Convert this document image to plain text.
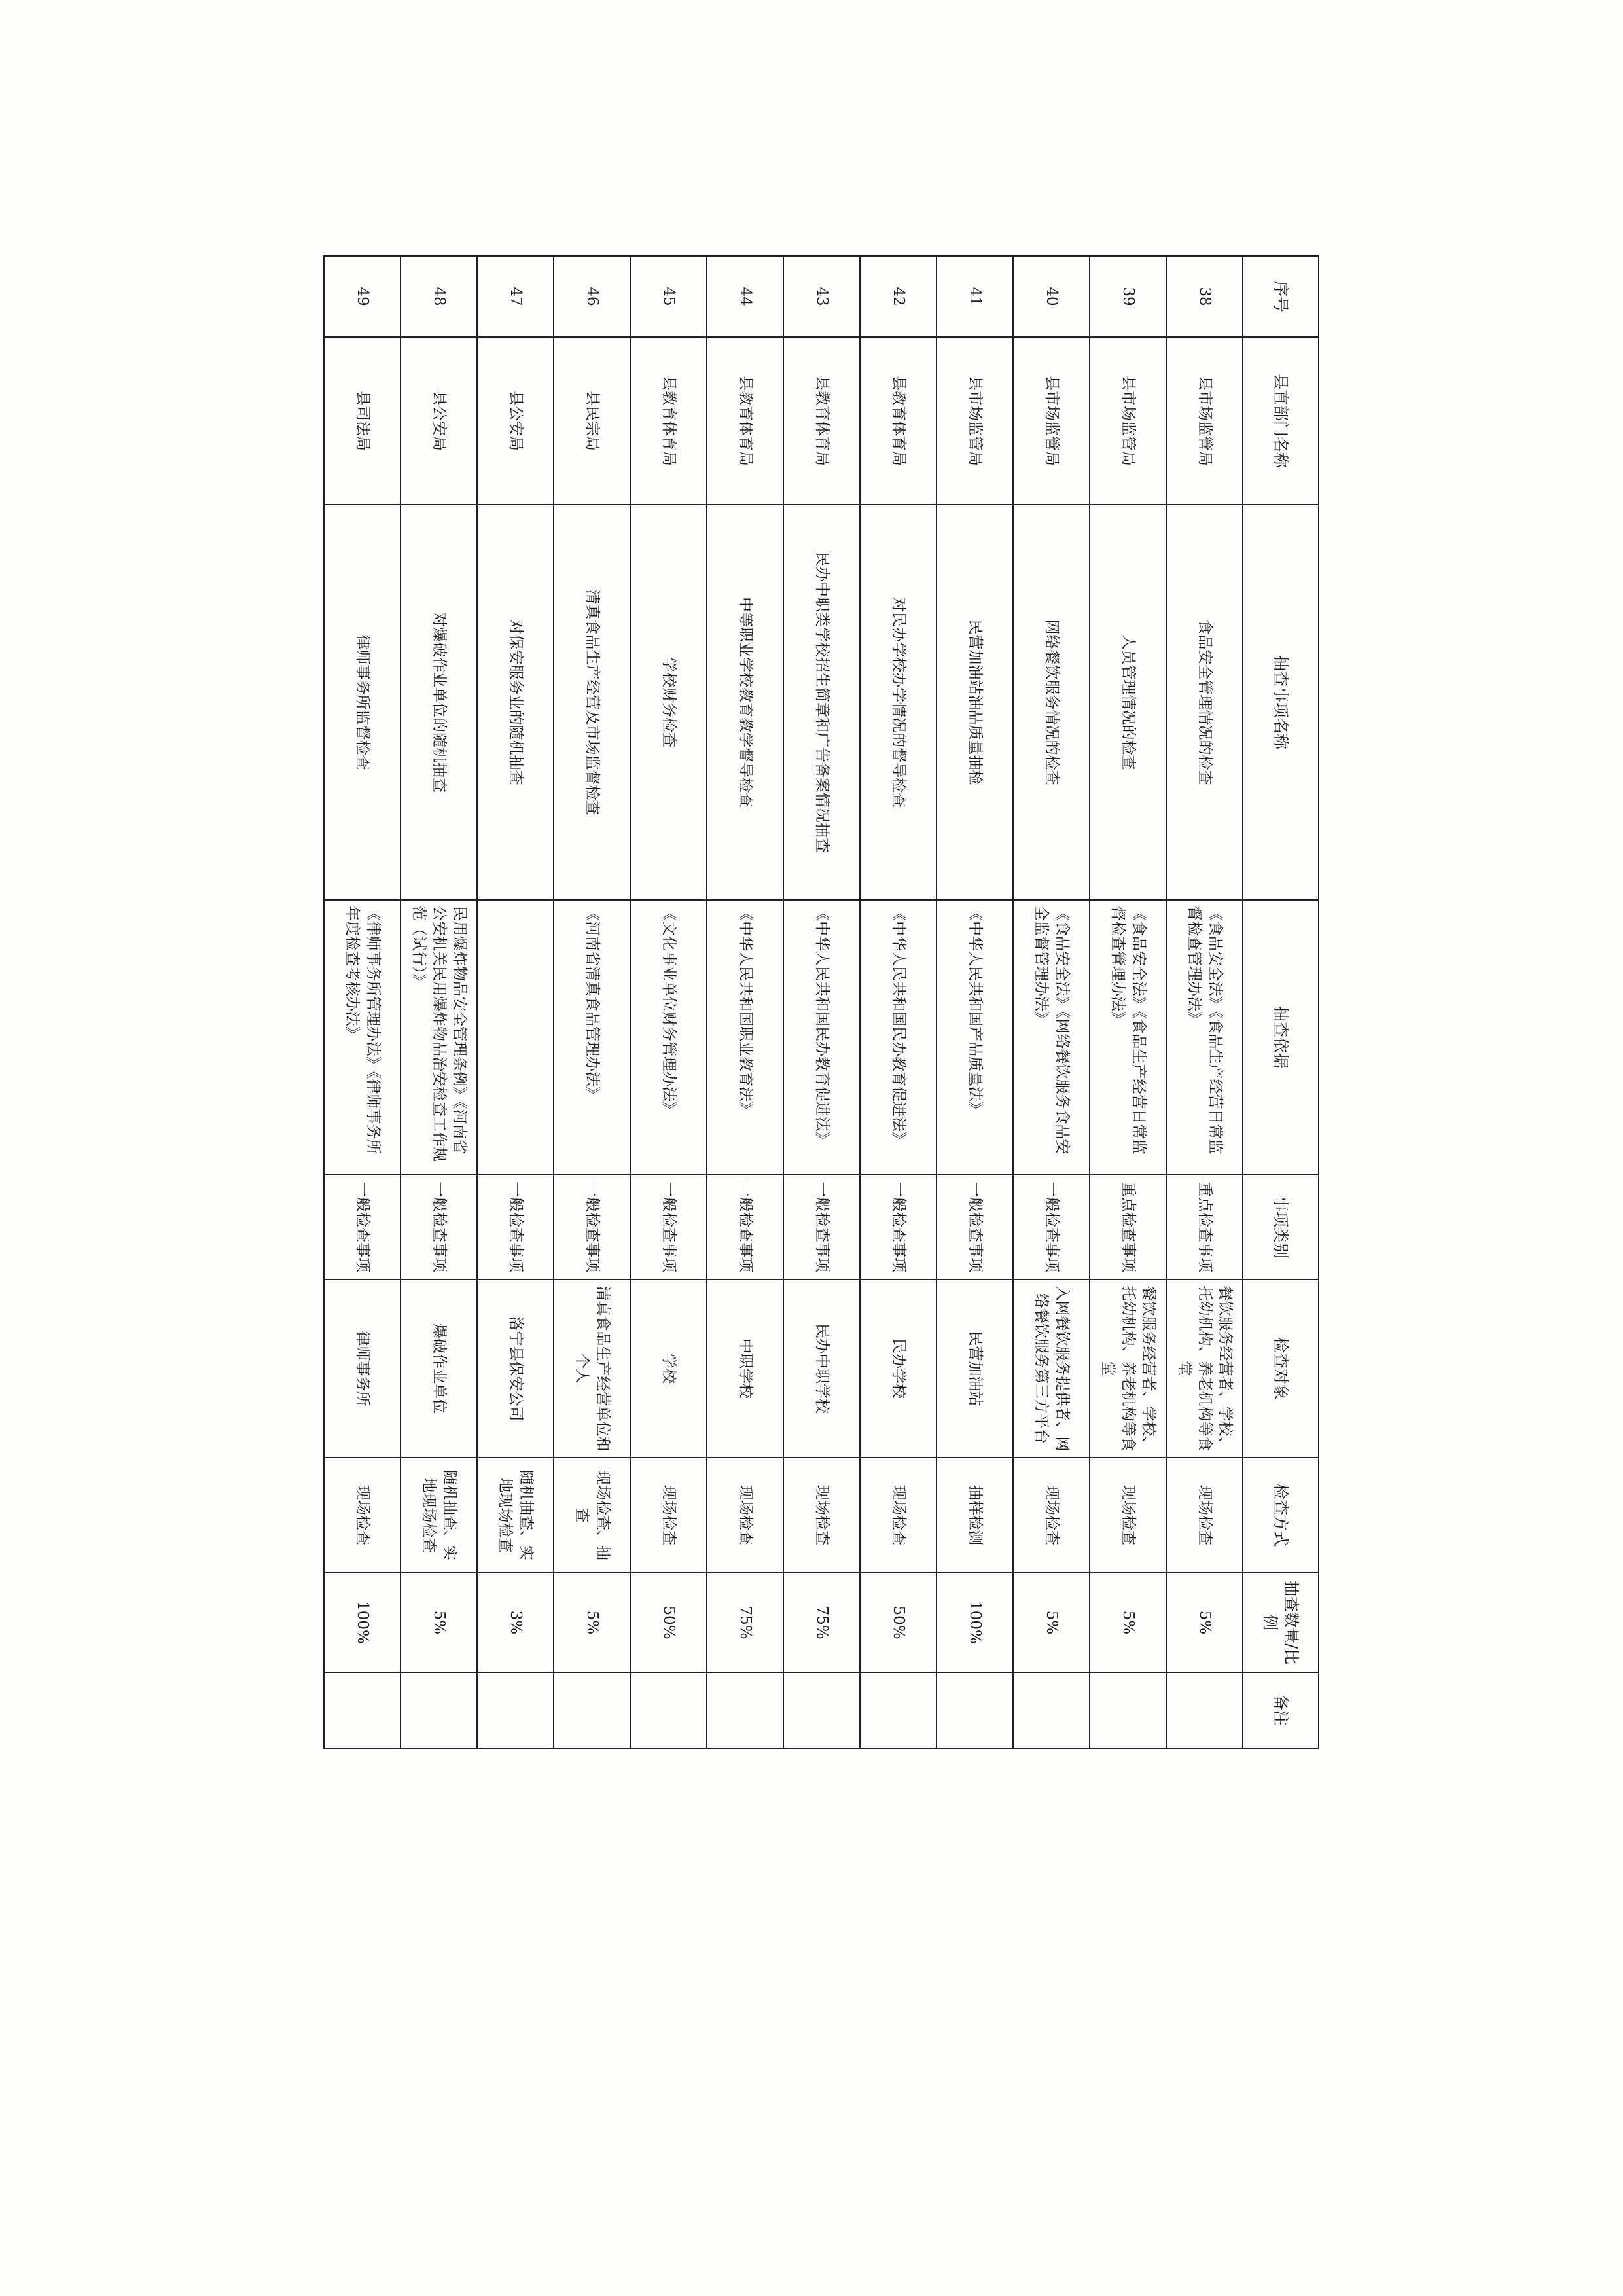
序号	县直部门名称	抽查事项名称	抽查依据	事项类别	检查对象	检查方式	抽查数量/比例	备注
38	县市场监管局	食品安全管理情况的检查	《食品安全法》《食品生产经营日常监督检查管理办法》	重点检查事项	餐饮服务经营者、学校、托幼机构、养老机构等食堂	现场检查	5%	
39	县市场监管局	人员管理情况的检查	《食品安全法》《食品生产经营日常监督检查管理办法》	重点检查事项	餐饮服务经营者、学校、托幼机构、养老机构等食堂	现场检查	5%	
40	县市场监管局	网络餐饮服务情况的检查	《食品安全法》《网络餐饮服务食品安全监督管理办法》	一般检查事项	入网餐饮服务提供者、网络餐饮服务第三方平台	现场检查	5%	
41	县市场监管局	民营加油站油品质量抽检	《中华人民共和国产品质量法》	一般检查事项	民营加油站	抽样检测	100%	
42	县教育体育局	对民办学校办学情况的督导检查	《中华人民共和国民办教育促进法》	一般检查事项	民办学校	现场检查	50%	
43	县教育体育局	民办中职类学校招生简章和广告备案情况抽查	《中华人民共和国民办教育促进法》	一般检查事项	民办中职学校	现场检查	75%	
44	县教育体育局	中等职业学校教育教学督导检查	《中华人民共和国职业教育法》	一般检查事项	中职学校	现场检查	75%	
45	县教育体育局	学校财务检查	《文化事业单位财务管理办法》	一般检查事项	学校	现场检查	50%	
46	县民宗局	清真食品生产经营及市场监督检查	《河南省清真食品管理办法》	一般检查事项	清真食品生产经营单位和个人	现场检查、抽查	5%	
47	县公安局	对保安服务业的随机抽查		一般检查事项	洛宁县保安公司	随机抽查、实地现场检查	3%	
48	县公安局	对爆破作业单位的随机抽查	民用爆炸物品安全管理条例》《河南省公安机关民用爆炸物品治安检查工作规范（试行）》	一般检查事项	爆破作业单位	随机抽查、实地现场检查	5%	
49	县司法局	律师事务所监督检查	《律师事务所管理办法》《律师事务所年度检查考核办法》	一般检查事项	律师事务所	现场检查	100%	
